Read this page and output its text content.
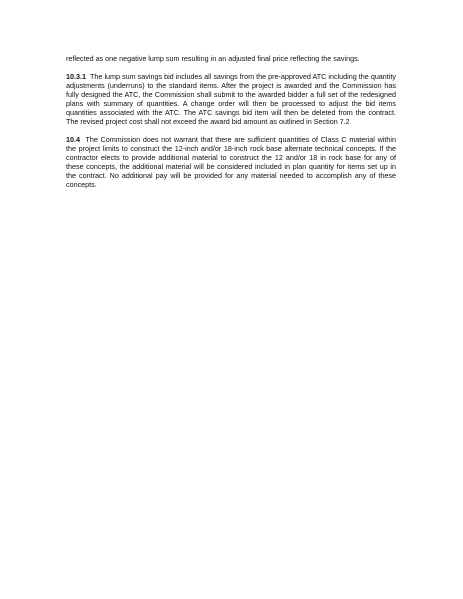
reflected as one negative lump sum resulting in an adjusted final price reflecting the savings.

10.3.1 The lump sum savings bid includes all savings from the pre-approved ATC including the quantity adjustments (underruns) to the standard items. After the project is awarded and the Commission has fully designed the ATC, the Commission shall submit to the awarded bidder a full set of the redesigned plans with summary of quantities. A change order will then be processed to adjust the bid items quantities associated with the ATC. The ATC savings bid item will then be deleted from the contract. The revised project cost shall not exceed the award bid amount as outlined in Section 7.2

10.4 The Commission does not warrant that there are sufficient quantities of Class C material within the project limits to construct the 12-inch and/or 18-inch rock base alternate technical concepts. If the contractor elects to provide additional material to construct the 12 and/or 18 in rock base for any of these concepts, the additional material will be considered included in plan quantity for items set up in the contract. No additional pay will be provided for any material needed to accomplish any of these concepts.
